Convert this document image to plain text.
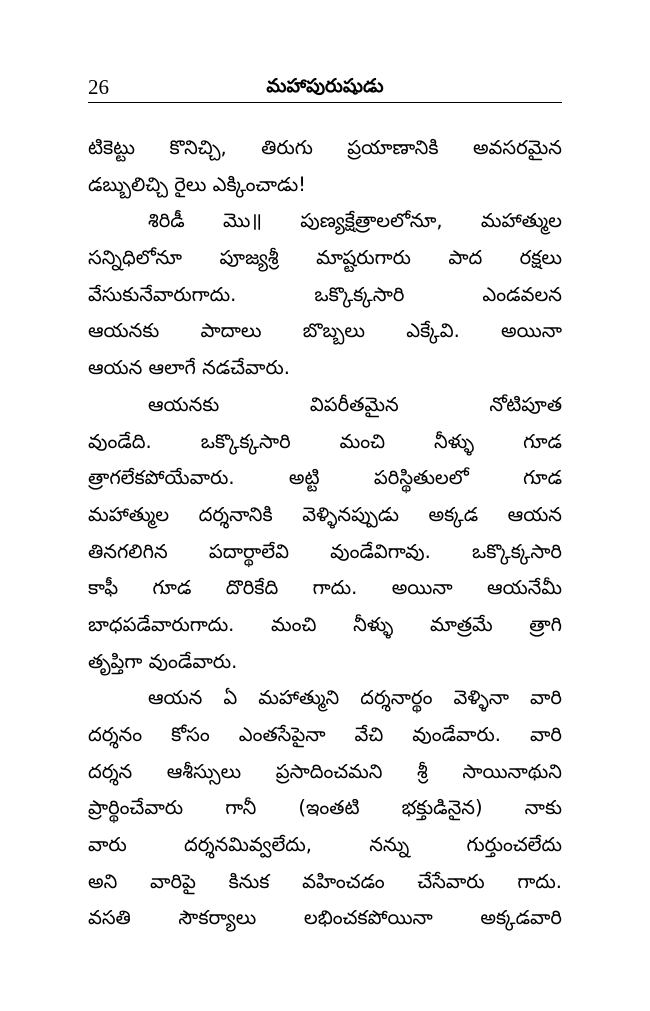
26	మహాపురుషుడు
టికెట్టు కొనిచ్చి, తిరుగు ప్రయాణానికి అవసరమైన
డబ్బులిచ్చి రైలు ఎక్కించాడు!
శిరిడీ మొ॥ పుణ్యక్షేత్రాలలోనూ, మహాత్ముల
సన్నిధిలోనూ పూజ్యశ్రీ మాష్టరుగారు పాద రక్షలు
వేసుకునేవారుగాదు. ఒక్కొక్కసారి ఎండవలన
ఆయనకు పాదాలు బొబ్బలు ఎక్కేవి. అయినా
ఆయన ఆలాగే నడచేవారు.
ఆయనకు విపరీతమైన నోటిపూత
వుండేది. ఒక్కొక్కసారి మంచి నీళ్ళు గూడ
త్రాగలేకపోయేవారు. అట్టి పరిస్థితులలో గూడ
మహాత్ముల దర్శనానికి వెళ్ళినప్పుడు అక్కడ ఆయన
తినగలిగిన పదార్థాలేవి వుండేవిగావు. ఒక్కొక్కసారి
కాఫీ గూడ దొరికేది గాదు. అయినా ఆయనేమీ
బాధపడేవారుగాదు. మంచి నీళ్ళు మాత్రమే త్రాగి
తృప్తిగా వుండేవారు.
ఆయన ఏ మహాత్ముని దర్శనార్థం వెళ్ళినా వారి
దర్శనం కోసం ఎంతసేపైనా వేచి వుండేవారు. వారి
దర్శన ఆశీస్సులు ప్రసాదించమని శ్రీ సాయినాథుని
ప్రార్థించేవారు గానీ (ఇంతటి భక్తుడినైన) నాకు
వారు దర్శనమివ్వలేదు, నన్ను గుర్తుంచలేదు
అని వారిపై కినుక వహించడం చేసేవారు గాదు.
వసతి సౌకర్యాలు లభించకపోయినా అక్కడవారి
